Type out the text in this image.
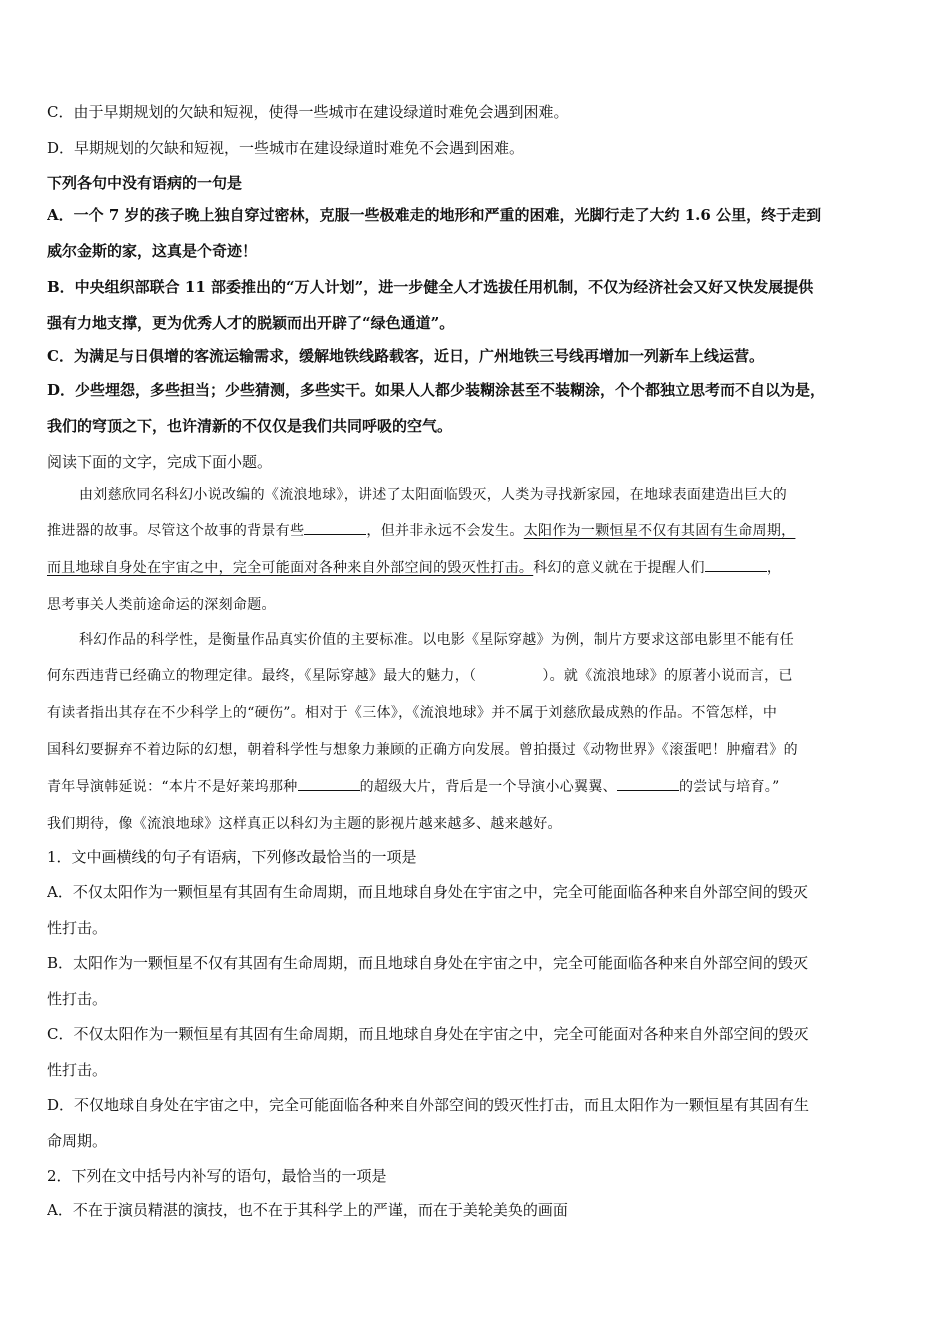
C．由于早期规划的欠缺和短视，使得一些城市在建设绿道时难免会遇到困难。
D．早期规划的欠缺和短视，一些城市在建设绿道时难免不会遇到困难。
下列各句中没有语病的一句是
A．一个 7 岁的孩子晚上独自穿过密林，克服一些极难走的地形和严重的困难，光脚行走了大约 1.6 公里，终于走到
威尔金斯的家，这真是个奇迹！
B．中央组织部联合 11 部委推出的“万人计划”，进一步健全人才选拔任用机制，不仅为经济社会又好又快发展提供
强有力地支撑，更为优秀人才的脱颖而出开辟了“绿色通道”。
C．为满足与日俱增的客流运输需求，缓解地铁线路载客，近日，广州地铁三号线再增加一列新车上线运营。
D．少些埋怨，多些担当；少些猜测，多些实干。如果人人都少装糊涂甚至不装糊涂，个个都独立思考而不自以为是，
我们的穹顶之下，也许清新的不仅仅是我们共同呼吸的空气。
阅读下面的文字，完成下面小题。
由刘慈欣同名科幻小说改编的《流浪地球》，讲述了太阳面临毁灭，人类为寻找新家园，在地球表面建造出巨大的
推进器的故事。尽管这个故事的背景有些	，但并非永远不会发生。太阳作为一颗恒星不仅有其固有生命周期，
而且地球自身处在宇宙之中，完全可能面对各种来自外部空间的毁灭性打击。科幻的意义就在于提醒人们	，
思考事关人类前途命运的深刻命题。
科幻作品的科学性，是衡量作品真实价值的主要标准。以电影《星际穿越》为例，制片方要求这部电影里不能有任
何东西违背已经确立的物理定律。最终，《星际穿越》最大的魅力，（	）。就《流浪地球》的原著小说而言，已
有读者指出其存在不少科学上的“硬伤”。相对于《三体》，《流浪地球》并不属于刘慈欣最成熟的作品。不管怎样，中
国科幻要摒弃不着边际的幻想，朝着科学性与想象力兼顾的正确方向发展。曾拍摄过《动物世界》《滚蛋吧！肿瘤君》的
青年导演韩延说：“本片不是好莱坞那种	的超级大片，背后是一个导演小心翼翼、	的尝试与培育。”
我们期待，像《流浪地球》这样真正以科幻为主题的影视片越来越多、越来越好。
1．文中画横线的句子有语病，下列修改最恰当的一项是
A．不仅太阳作为一颗恒星有其固有生命周期，而且地球自身处在宇宙之中，完全可能面临各种来自外部空间的毁灭
性打击。
B．太阳作为一颗恒星不仅有其固有生命周期，而且地球自身处在宇宙之中，完全可能面临各种来自外部空间的毁灭
性打击。
C．不仅太阳作为一颗恒星有其固有生命周期，而且地球自身处在宇宙之中，完全可能面对各种来自外部空间的毁灭
性打击。
D．不仅地球自身处在宇宙之中，完全可能面临各种来自外部空间的毁灭性打击，而且太阳作为一颗恒星有其固有生
命周期。
2．下列在文中括号内补写的语句，最恰当的一项是
A．不在于演员精湛的演技，也不在于其科学上的严谨，而在于美轮美奂的画面
